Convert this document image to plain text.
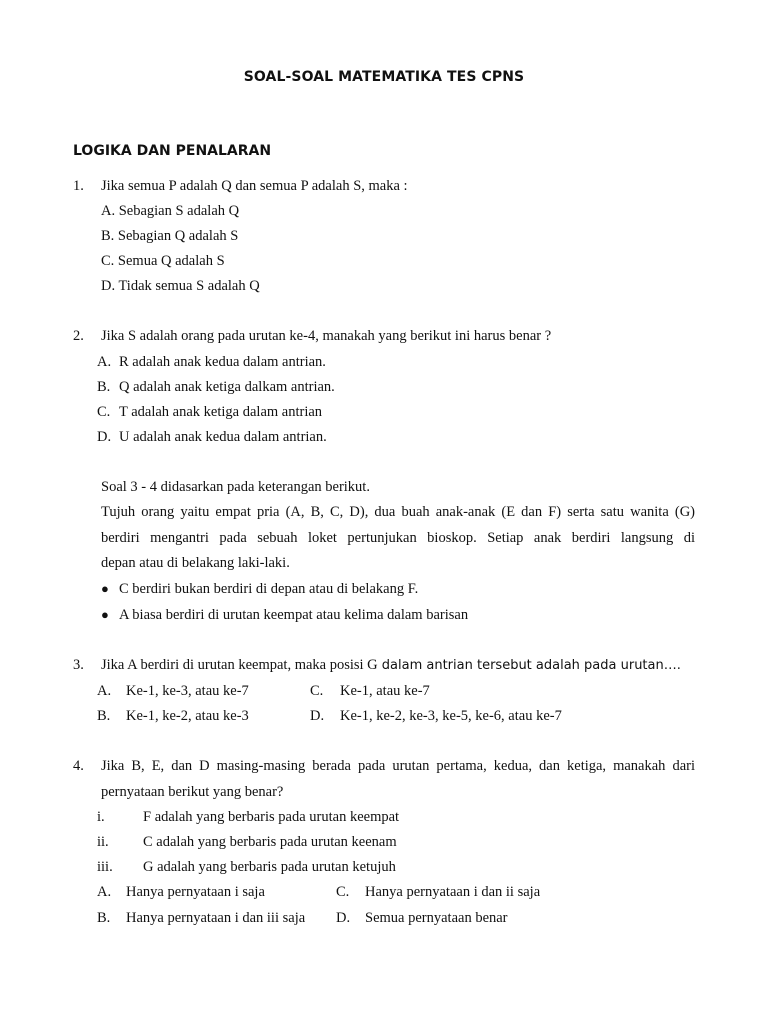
SOAL-SOAL MATEMATIKA TES CPNS
LOGIKA DAN PENALARAN
1. Jika semua P adalah Q dan semua P adalah S, maka :
A. Sebagian S adalah Q
B. Sebagian Q adalah S
C. Semua Q adalah S
D. Tidak semua S adalah Q
2. Jika S adalah orang pada urutan ke-4, manakah yang berikut ini harus benar ?
A. R adalah anak kedua dalam antrian.
B. Q adalah anak ketiga dalkam antrian.
C. T adalah anak ketiga dalam antrian
D. U adalah anak kedua dalam antrian.
Soal 3 - 4 didasarkan pada keterangan berikut.
Tujuh orang yaitu empat pria (A, B, C, D), dua buah anak-anak (E dan F) serta satu wanita (G)
berdiri mengantri pada sebuah loket pertunjukan bioskop. Setiap anak berdiri langsung di
depan atau di belakang laki-laki.
● C berdiri bukan berdiri di depan atau di belakang F.
● A biasa berdiri di urutan keempat atau kelima dalam barisan
3. Jika A berdiri di urutan keempat, maka posisi G dalam antrian tersebut adalah pada urutan….
A. Ke-1, ke-3, atau ke-7	C. Ke-1, atau ke-7
B. Ke-1, ke-2, atau ke-3	D. Ke-1, ke-2, ke-3, ke-5, ke-6, atau ke-7
4. Jika B, E, dan D masing-masing berada pada urutan pertama, kedua, dan ketiga, manakah dari
pernyataan berikut yang benar?
i.	F adalah yang berbaris pada urutan keempat
ii. C adalah yang berbaris pada urutan keenam
iii. G adalah yang berbaris pada urutan ketujuh
A. Hanya pernyataan i saja	C. Hanya pernyataan i dan ii saja
B. Hanya pernyataan i dan iii saja D. Semua pernyataan benar
